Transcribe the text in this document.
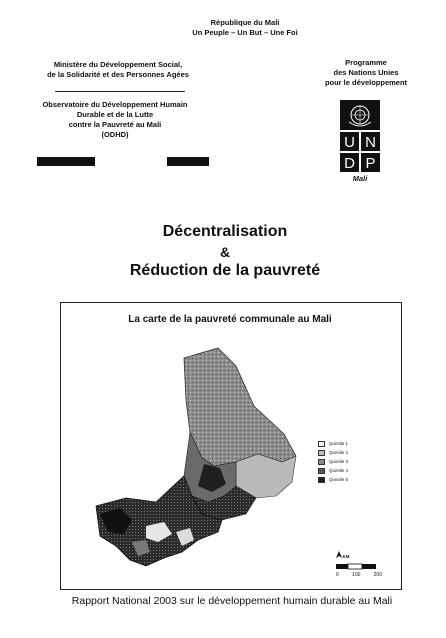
République du Mali
Un Peuple – Un But – Une Foi
Ministère du Développement Social,
de la Solidarité et des Personnes Agées
Observatoire du Développement Humain
Durable et de la Lutte
contre la Pauvreté au Mali
(ODHD)
Programme
des Nations Unies
pour le développement
U N
D P
Mali
Décentralisation
&
Réduction de la pauvreté
La carte de la pauvreté communale au Mali
Quintile 1
Quintile 2
Quintile 3
Quintile 4
Quintile 5
KM
0	100	200
Rapport National 2003 sur le développement humain durable au Mali
